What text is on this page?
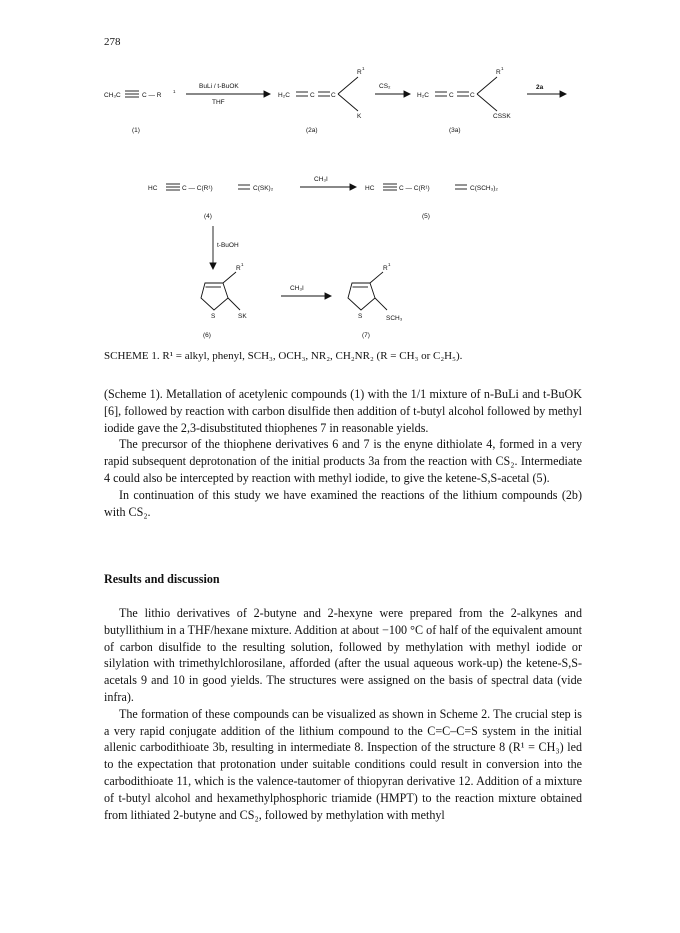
278
CH₃C	C — R
1
(1)
BuLi / t-BuOK
THF
H₂C	C	C
R
1
K
(2a)
CS₂
H₂C	C	C
R
1
CSSK
(3a)
2a
HC	C — C(R¹)	C(SK)₂
(4)
CH₃I
HC	C — C(R¹)	C(SCH₃)₂
(5)
t-BuOH
R
1
S	SK
(6)
CH₃I
R
1
S	SCH₃
(7)
SCHEME 1. R¹ = alkyl, phenyl, SCH₃, OCH₃, NR₂, CH₂NR₂ (R = CH₃ or C₂H₅).

(Scheme 1). Metallation of acetylenic compounds (1) with the 1/1 mixture of n-BuLi and t-BuOK [6], followed by reaction with carbon disulfide then addition of t-butyl alcohol followed by methyl iodide gave the 2,3-disubstituted thiophenes 7 in reasonable yields.

The precursor of the thiophene derivatives 6 and 7 is the enyne dithiolate 4, formed in a very rapid subsequent deprotonation of the initial products 3a from the reaction with CS₂. Intermediate 4 could also be intercepted by reaction with methyl iodide, to give the ketene-S,S-acetal (5).

In continuation of this study we have examined the reactions of the lithium compounds (2b) with CS₂.

Results and discussion

The lithio derivatives of 2-butyne and 2-hexyne were prepared from the 2-alkynes and butyllithium in a THF/hexane mixture. Addition at about −100 °C of half of the equivalent amount of carbon disulfide to the resulting solution, followed by methylation with methyl iodide or silylation with trimethylchlorosilane, afforded (after the usual aqueous work-up) the ketene-S,S-acetals 9 and 10 in good yields. The structures were assigned on the basis of spectral data (vide infra).

The formation of these compounds can be visualized as shown in Scheme 2. The crucial step is a very rapid conjugate addition of the lithium compound to the C=C–C=S system in the initial allenic carbodithioate 3b, resulting in intermediate 8. Inspection of the structure 8 (R¹ = CH₃) led to the expectation that protonation under suitable conditions could result in conversion into the carbodithioate 11, which is the valence-tautomer of thiopyran derivative 12. Addition of a mixture of t-butyl alcohol and hexamethylphosphoric triamide (HMPT) to the reaction mixture obtained from lithiated 2-butyne and CS₂, followed by methylation with methyl
